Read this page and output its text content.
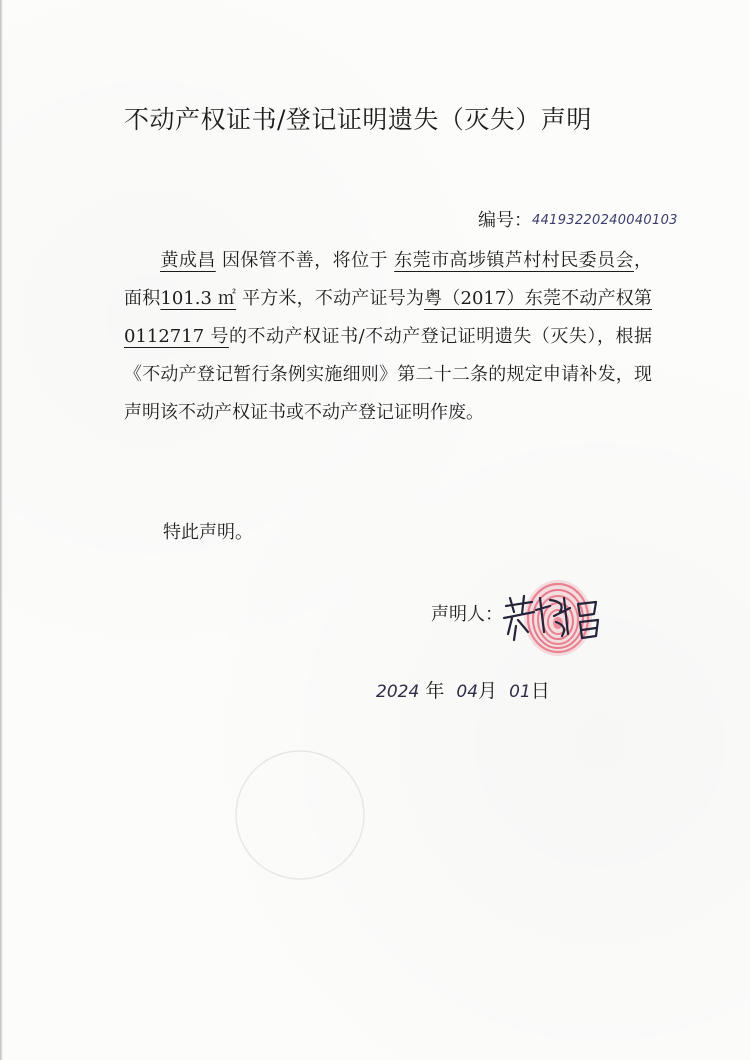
不动产权证书/登记证明遗失（灭失）声明
编号：44193220240040103
黄成昌 因保管不善，将位于 东莞市高埗镇芦村村民委员会，面积101.3 ㎡ 平方米，不动产证号为粤（2017）东莞不动产权第 0112717 号的不动产权证书/不动产登记证明遗失（灭失），根据《不动产登记暂行条例实施细则》第二十二条的规定申请补发，现声明该不动产权证书或不动产登记证明作废。
特此声明。
声明人：
2024 年 04月 01日
